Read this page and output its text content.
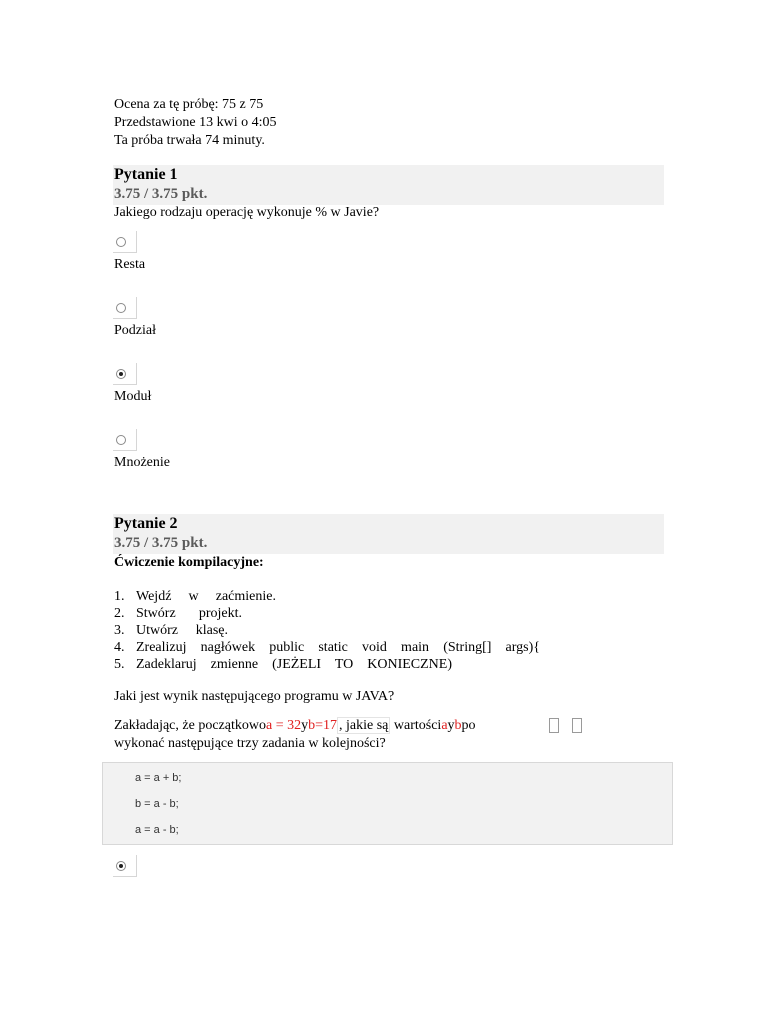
Ocena za tę próbę: 75 z 75
Przedstawione 13 kwi o 4:05
Ta próba trwała 74 minuty.
Pytanie 1
3.75 / 3.75 pkt.
Jakiego rodzaju operację wykonuje % w Javie?
Resta
Podział
Moduł
Mnożenie
Pytanie 2
3.75 / 3.75 pkt.
Ćwiczenie kompilacyjne:
1. Wejdź w zaćmienie.
2. Stwórz projekt.
3. Utwórz klasę.
4. Zrealizuj nagłówek public static void main (String[] args){
5. Zadeklaruj zmienne (JEŻELI TO KONIECZNE)
Jaki jest wynik następującego programu w JAVA?
Zakładając, że początkowoa = 32yb=17 , jakie są wartościaybpo
wykonać następujące trzy zadania w kolejności?
a = a + b;
b = a - b;
a = a - b;
